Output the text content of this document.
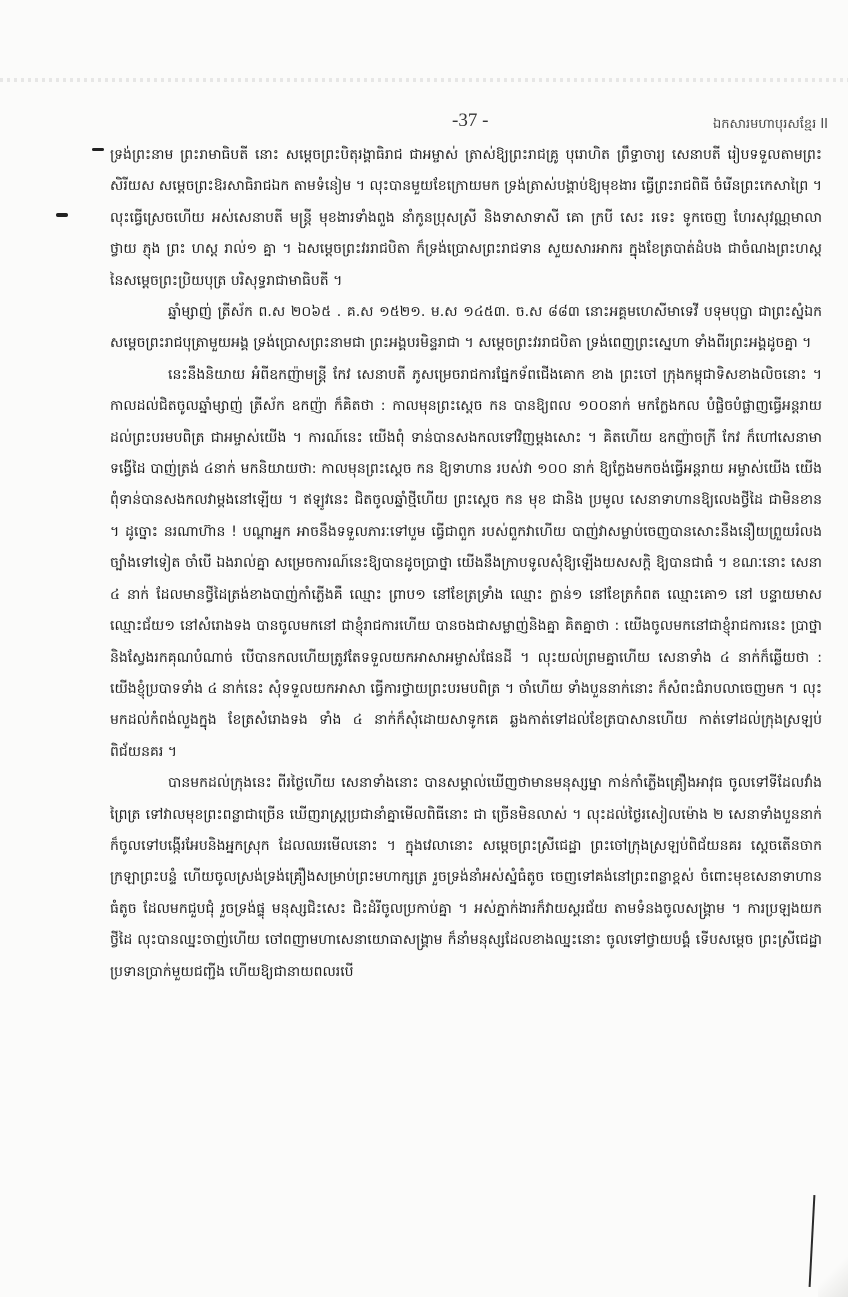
-37 -	ឯកសារមហាបុរសខ្មែរ II

ទ្រង់ព្រះនាម ព្រះរាមាធិបតី នោះ សម្តេចព្រះបិតុរង្គាធិរាជ ជាអម្ចាស់ ត្រាស់ឱ្យព្រះរាជគ្រូ បុរោហិត ព្រឹទ្ធាចារ្យ សេនាបតី រៀបទទួលតាមព្រះសិរីយស សម្តេចព្រះឱរសាធិរាជឯក តាមទំនៀម ។ លុះបានមួយខែក្រោយមក ទ្រង់ត្រាស់បង្គាប់ឱ្យមុខងារ ធ្វើព្រះរាជពិធី ចំរើនព្រះកេសាព្រៃ ។ លុះធ្វើស្រេចហើយ អស់សេនាបតី មន្ត្រី មុខងារទាំងពួង នាំកូនប្រុសស្រី និងទាសាទាសី គោ ក្របី សេះ រទេះ ទូកចេញ ហែរសុវណ្ណមាលា ថ្វាយ ភ្ញុង ព្រះ ហស្ត រាល់១ គ្នា ។ ឯសម្តេចព្រះវររាជបិតា ក៏ទ្រង់ប្រោសព្រះរាជទាន សួយសារអាករ ក្នុងខែត្របាត់ដំបង ជាចំណងព្រះហស្ត នៃសម្តេចព្រះប្រិយបុត្រ បរិសុទ្ធរាជាមាធិបតី ។

ឆ្នាំម្សាញ់ ត្រីស័ក ព.ស ២០៦៥ . គ.ស ១៥២១. ម.ស ១៤៥៣. ច.ស ៨៨៣ នោះអគ្គមហេសីមាទេវី បទុមបុប្ផា ជាព្រះស្នំឯក សម្តេចព្រះរាជបុត្រាមួយអង្គ ទ្រង់ប្រោសព្រះនាមជា ព្រះអង្គបរមិន្ទរាជា ។ សម្តេចព្រះវររាជបិតា ទ្រង់ពេញព្រះស្នេហា ទាំងពីរព្រះអង្គដូចគ្នា ។

នេះនឹងនិយាយ អំពីឧកញ៉ាមន្ត្រី កែវ សេនាបតី ភូសម្រេចរាជការផ្នែកទ័ពជើងគោក ខាង ព្រះចៅ ក្រុងកម្ពុជាទិសខាងលិចនោះ ។ កាលដល់ជិតចូលឆ្នាំម្សាញ់ ត្រីស័ក ឧកញ៉ា ក៏គិតថា : កាលមុនព្រះស្តេច កន បានឱ្យពល ១០០នាក់ មកក្លែងកល បំផ្លិចបំផ្លាញធ្វើអន្តរាយ ដល់ព្រះបរមបពិត្រ ជាអម្ចាស់យើង ។ ការណ៍នេះ យើងពុំ ទាន់បានសងកលទៅវិញម្តងសោះ ។ គិតហើយ ឧកញ៉ាចក្រី កែវ ក៏ហៅសេនាមាទង្វើដៃ បាញ់ត្រង់ ៤នាក់ មកនិយាយថា: កាលមុនព្រះស្តេច កន ឱ្យទាហាន របស់វា ១០០ នាក់ ឱ្យក្លែងមកចង់ធ្វើអន្តរាយ អម្ចាស់យើង យើងពុំទាន់បានសងកលវាម្តងនៅឡើយ ។ ឥឡូវនេះ ជិតចូលឆ្នាំថ្មីហើយ ព្រះស្តេច កន មុខ ជានិង ប្រមូល សេនាទាហានឱ្យលេងថ្វីដៃ ជាមិនខាន ។ ដូច្នោះ នរណាហ៊ាន ! បណ្តាអ្នក អាចនឹងទទួលភារៈទៅបួម ធ្វើជាពួក របស់ពួកវាហើយ បាញ់វាសម្លាប់ចេញបានសោះនឹងនឿយព្រួយរំលងច្បាំងទៅទៀត ចាំបើ ឯងរាល់គ្នា សម្រេចការណ៍នេះឱ្យបានដូចប្រាថ្នា យើងនឹងក្រាបទូលសុំឱ្យឡើងយសសក្តិ ឱ្យបានជាធំ ។ ខណៈនោះ សេនា ៤ នាក់ ដែលមានថ្វីដៃត្រង់ខាងបាញ់កាំភ្លើងគឺ ឈ្មោះ ព្រាប១ នៅខែត្រទ្រាំង ឈ្មោះ ក្លាន់១ នៅខែត្រកំពត ឈ្មោះគោ១ នៅ បន្ទាយមាស ឈ្មោះជ័យ១ នៅសំរោងទង បានចូលមកនៅ ជាខ្ញុំរាជការហើយ បានចងជាសម្លាញ់និងគ្នា គិតគ្នាថា : យើងចូលមកនៅជាខ្ញុំរាជការនេះ ប្រាថ្នានិងស្វែងរកគុណបំណាច់ បើបានកលហើយត្រូវតែទទួលយកអាសាអម្ចាស់ផែនដី ។ លុះយល់ព្រមគ្នាហើយ សេនាទាំង ៤ នាក់ក៏ឆ្លើយថា : យើងខ្ញុំប្របាទទាំង ៤ នាក់នេះ សុំទទួលយកអាសា ធ្វើការថ្វាយព្រះបរមបពិត្រ ។ ចាំហើយ ទាំងបួននាក់នោះ ក៏សំពះជំរាបលាចេញមក ។ លុះមកដល់កំពង់លួងក្នុង ខែត្រសំរោងទង ទាំង ៤ នាក់ក៏សុំដោយសាទូកគេ ឆ្លងកាត់ទៅដល់ខែត្របាសានហើយ កាត់ទៅដល់ក្រុងស្រឡប់ពិជ័យនគរ ។

បានមកដល់ក្រុងនេះ ពីរថ្ងៃហើយ សេនាទាំងនោះ បានសម្គាល់ឃើញថាមានមនុស្សម្នា កាន់កាំភ្លើងគ្រឿងអាវុធ ចូលទៅទីដែលវាំងព្រៃត្រ ទៅវាលមុខព្រះពន្លាជាច្រើន ឃើញរាស្ត្រប្រជានាំគ្នាមើលពិធីនោះ ជា ច្រើនមិនលាស់ ។ លុះដល់ថ្ងៃរសៀលម៉ោង ២ សេនាទាំងបួននាក់ ក៏ចូលទៅបង្កើរអែបនិងអ្នកស្រុក ដែលឈរមើលនោះ ។ ក្នុងវេលានោះ សម្តេចព្រះស្រីជេដ្ឋា ព្រះចៅក្រុងស្រឡប់ពិជ័យនគរ ស្តេចតើនចាក ក្រឡាព្រះបន្ទំ ហើយចូលស្រង់ទ្រង់គ្រឿងសម្រាប់ព្រះមហាក្សត្រ រួចទ្រង់នាំអស់ស្នំធំតូច ចេញទៅគង់នៅព្រះពន្លាខ្ពស់ ចំពោះមុខសេនាទាហានធំតូច ដែលមកជួបជុំ រួចទ្រង់ផ្ទុ មនុស្សជិះសេះ ជិះដំរីចូលប្រកាប់គ្នា ។ អស់ភ្នាក់ងារក៏វាយស្គរជ័យ តាមទំនងចូលសង្គ្រាម ។ ការប្រឡងយកថ្វីដៃ លុះបានឈ្នះចាញ់ហើយ ចៅពញាមហាសេនាយោធាសង្គ្រាម ក៏នាំមនុស្សដែលខាងឈ្នះនោះ ចូលទៅថ្វាយបង្គំ ទើបសម្តេច ព្រះស្រីជេដ្ឋា ប្រទានប្រាក់មួយជញ្ជីង ហើយឱ្យជានាយពលរបើ
